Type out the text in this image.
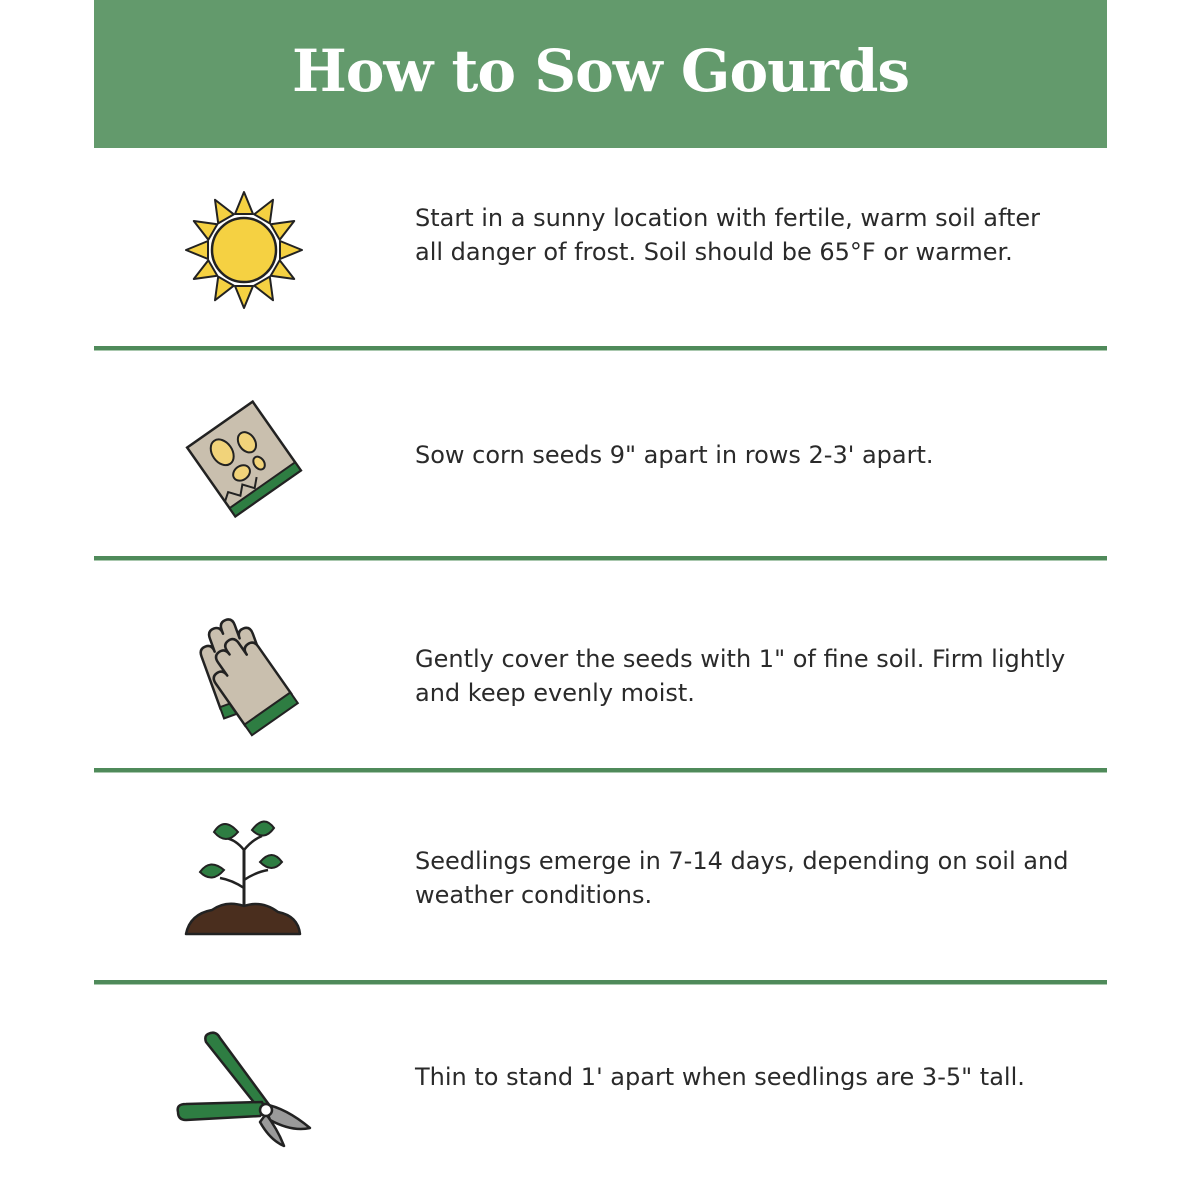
How to Sow Gourds
Start in a sunny location with fertile, warm soil after all danger of frost. Soil should be 65°F or warmer.
Sow corn seeds 9" apart in rows 2-3' apart.
Gently cover the seeds with 1" of fine soil. Firm lightly and keep evenly moist.
Seedlings emerge in 7-14 days, depending on soil and weather conditions.
Thin to stand 1' apart when seedlings are 3-5" tall.
